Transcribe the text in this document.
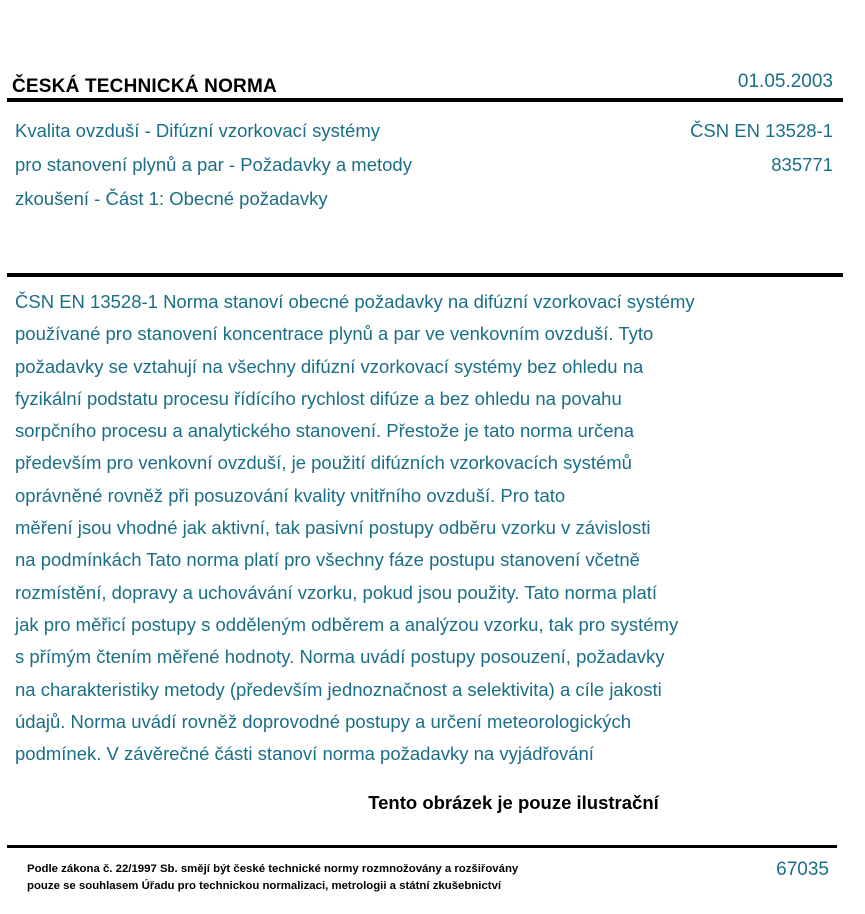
ČESKÁ TECHNICKÁ NORMA	01.05.2003
Kvalita ovzduší - Difúzní vzorkovací systémy
pro stanovení plynů a par - Požadavky a metody
zkoušení - Část 1: Obecné požadavky
ČSN EN 13528-1
835771
ČSN EN 13528-1 Norma stanoví obecné požadavky na difúzní vzorkovací systémy
používané pro stanovení koncentrace plynů a par ve venkovním ovzduší. Tyto
požadavky se vztahují na všechny difúzní vzorkovací systémy bez ohledu na
fyzikální podstatu procesu řídícího rychlost difúze a bez ohledu na povahu
sorpčního procesu a analytického stanovení. Přestože je tato norma určena
především pro venkovní ovzduší, je použití difúzních vzorkovacích systémů
oprávněné rovněž při posuzování kvality vnitřního ovzduší. Pro tato
měření jsou vhodné jak aktivní, tak pasivní postupy odběru vzorku v závislosti
na podmínkách Tato norma platí pro všechny fáze postupu stanovení včetně
rozmístění, dopravy a uchovávání vzorku, pokud jsou použity. Tato norma platí
jak pro měřicí postupy s odděleným odběrem a analýzou vzorku, tak pro systémy
s přímým čtením měřené hodnoty. Norma uvádí postupy posouzení, požadavky
na charakteristiky metody (především jednoznačnost a selektivita) a cíle jakosti
údajů. Norma uvádí rovněž doprovodné postupy a určení meteorologických
podmínek. V závěrečné části stanoví norma požadavky na vyjádřování
Tento obrázek je pouze ilustrační
Podle zákona č. 22/1997 Sb. smějí být české technické normy rozmnožovány a rozšiřovány
pouze se souhlasem Úřadu pro technickou normalizaci, metrologii a státní zkušebnictví
67035
